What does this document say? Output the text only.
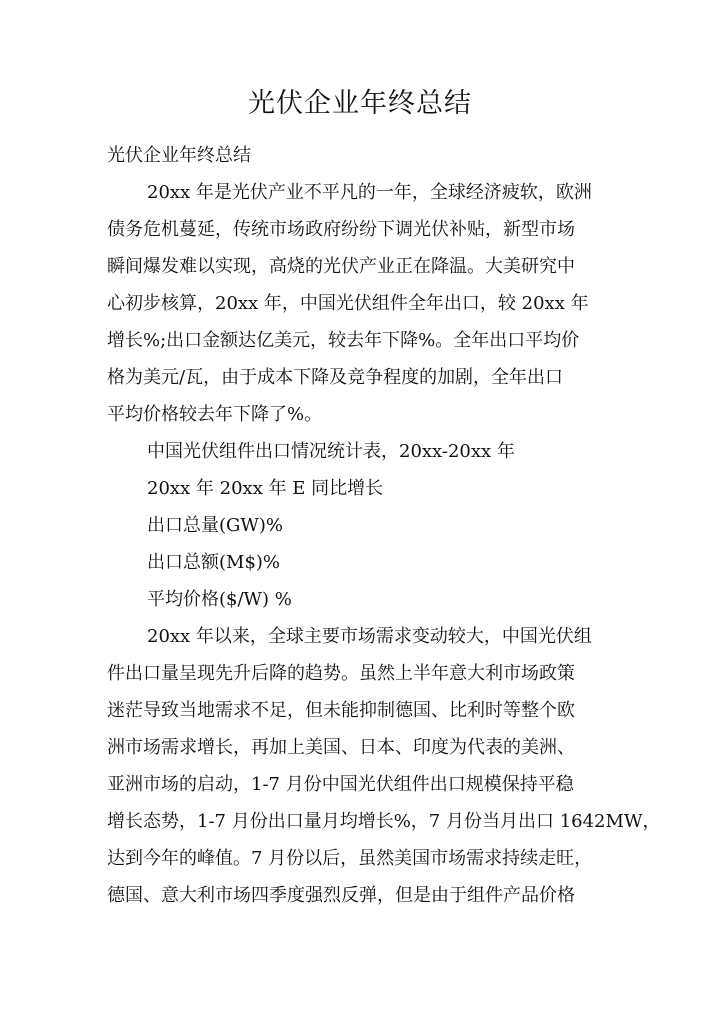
光伏企业年终总结
光伏企业年终总结
20xx 年是光伏产业不平凡的一年，全球经济疲软，欧洲
债务危机蔓延，传统市场政府纷纷下调光伏补贴，新型市场
瞬间爆发难以实现，高烧的光伏产业正在降温。大美研究中
心初步核算，20xx 年，中国光伏组件全年出口，较 20xx 年
增长%;出口金额达亿美元，较去年下降%。全年出口平均价
格为美元/瓦，由于成本下降及竞争程度的加剧，全年出口
平均价格较去年下降了%。
中国光伏组件出口情况统计表，20xx-20xx 年
20xx 年 20xx 年 E 同比增长
出口总量(GW)%
出口总额(M$)%
平均价格($/W) %
20xx 年以来，全球主要市场需求变动较大，中国光伏组
件出口量呈现先升后降的趋势。虽然上半年意大利市场政策
迷茫导致当地需求不足，但未能抑制德国、比利时等整个欧
洲市场需求增长，再加上美国、日本、印度为代表的美洲、
亚洲市场的启动，1-7 月份中国光伏组件出口规模保持平稳
增长态势，1-7 月份出口量月均增长%，7 月份当月出口 1642MW，
达到今年的峰值。7 月份以后，虽然美国市场需求持续走旺，
德国、意大利市场四季度强烈反弹，但是由于组件产品价格
